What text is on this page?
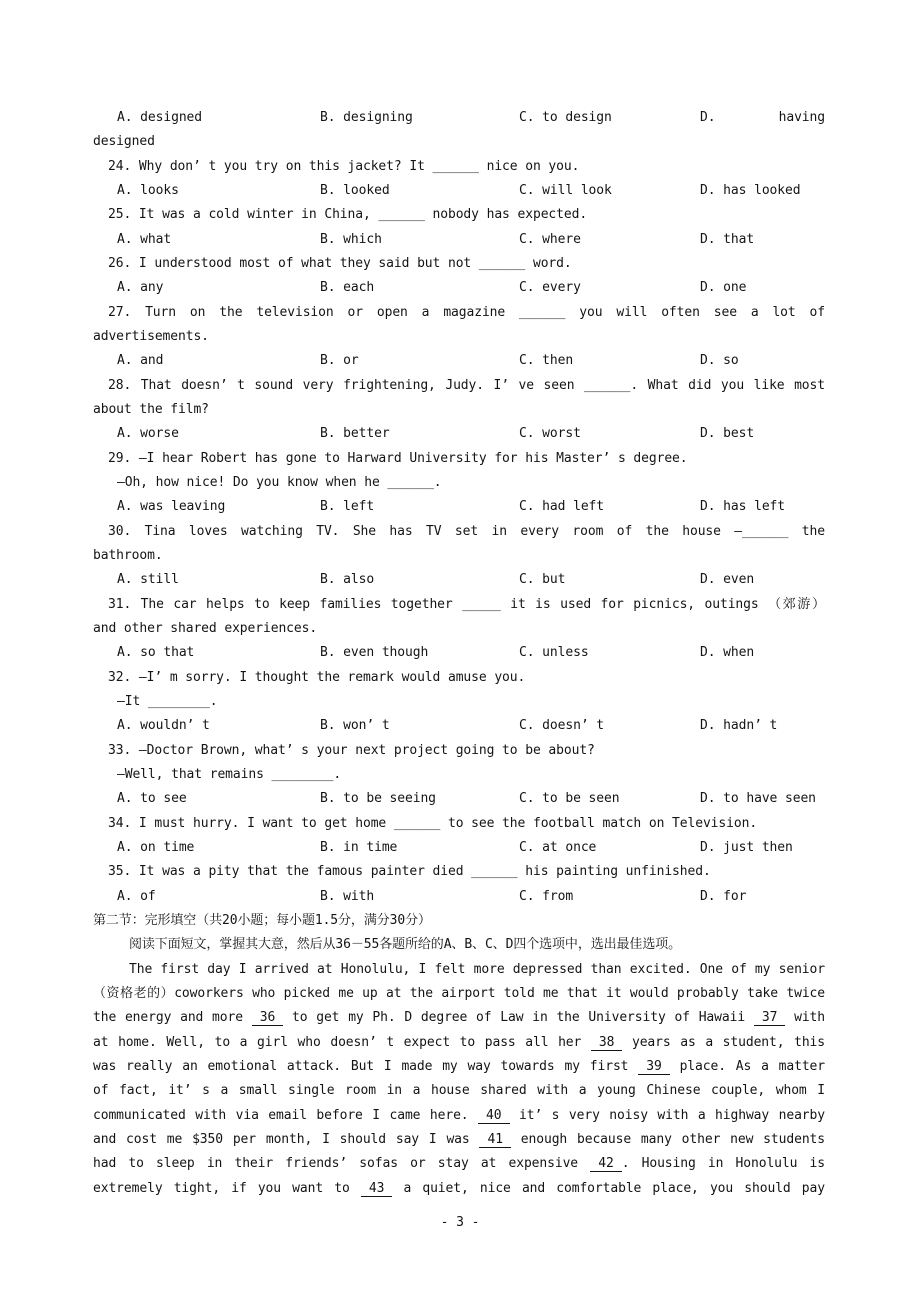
A. designed	B. designing	C. to design	D.	having
designed
24. Why don’ t you try on this jacket? It ______ nice on you.
A. looks	B. looked	C. will look	D. has looked
25. It was a cold winter in China, ______ nobody has expected.
A. what	B. which	C. where	D. that
26. I understood most of what they said but not ______ word.
A. any	B. each	C. every	D. one
27. Turn on the television or open a magazine ______ you will often see a lot of
advertisements.
A. and	B. or	C. then	D. so
28. That doesn’ t sound very frightening, Judy. I’ ve seen ______. What did you like most
about the film?
A. worse	B. better	C. worst	D. best
29. —I hear Robert has gone to Harward University for his Master’ s degree.
—Oh, how nice! Do you know when he ______.
A. was leaving	B. left	C. had left	D. has left
30. Tina loves watching TV. She has TV set in every room of the house —______ the
bathroom.
A. still	B. also	C. but	D. even
31. The car helps to keep families together _____ it is used for picnics, outings （郊游）
and other shared experiences.
A. so that	B. even though	C. unless	D. when
32. —I’ m sorry. I thought the remark would amuse you.
—It ________.
A. wouldn’ t	B. won’ t	C. doesn’ t	D. hadn’ t
33. —Doctor Brown, what’ s your next project going to be about?
—Well, that remains ________.
A. to see	B. to be seeing	C. to be seen	D. to have seen
34. I must hurry. I want to get home ______ to see the football match on Television.
A. on time	B. in time	C. at once	D. just then
35. It was a pity that the famous painter died ______ his painting unfinished.
A. of	B. with	C. from	D. for
第二节：完形填空（共20小题；每小题1.5分，满分30分）
阅读下面短文，掌握其大意，然后从36－55各题所给的A、B、C、D四个选项中，选出最佳选项。
The first day I arrived at Honolulu, I felt more depressed than excited. One of my senior
（资格老的）coworkers who picked me up at the airport told me that it would probably take twice
the energy and more 36 to get my Ph. D degree of Law in the University of Hawaii 37 with
at home. Well, to a girl who doesn’ t expect to pass all her 38 years as a student, this
was really an emotional attack. But I made my way towards my first 39 place. As a matter
of fact, it’ s a small single room in a house shared with a young Chinese couple, whom I
communicated with via email before I came here. 40 it’ s very noisy with a highway nearby
and cost me $350 per month, I should say I was 41 enough because many other new students
had to sleep in their friends’ sofas or stay at expensive 42 . Housing in Honolulu is
extremely tight, if you want to 43 a quiet, nice and comfortable place, you should pay
- 3 -
